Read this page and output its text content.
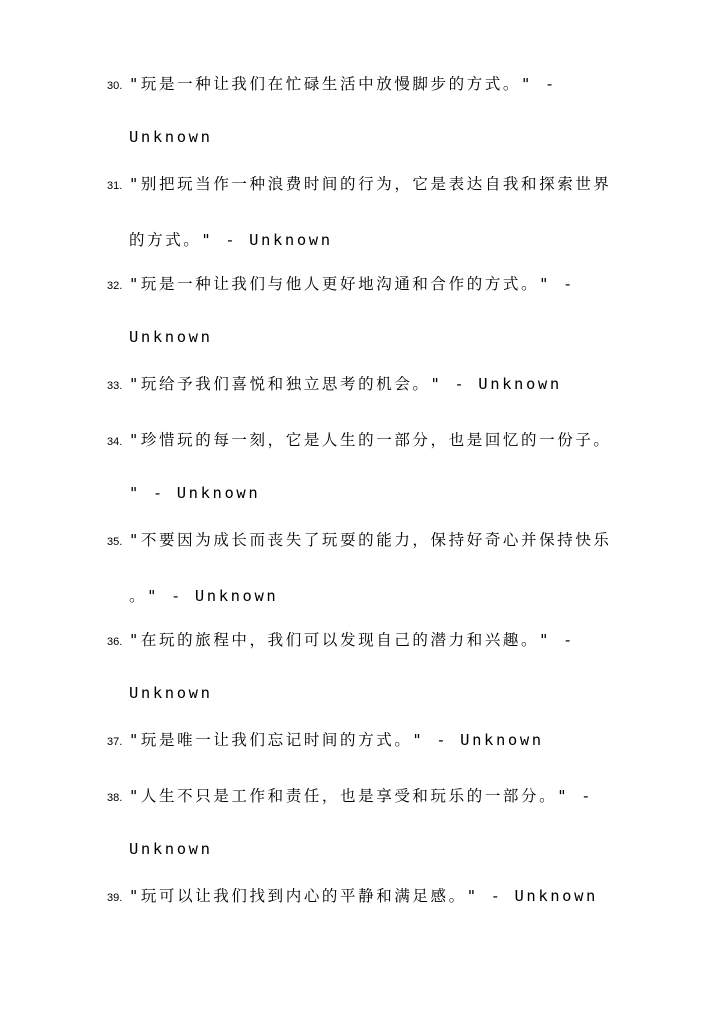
30. "玩是一种让我们在忙碌生活中放慢脚步的方式。" -
Unknown
31. "别把玩当作一种浪费时间的行为，它是表达自我和探索世界
的方式。" - Unknown
32. "玩是一种让我们与他人更好地沟通和合作的方式。" -
Unknown
33. "玩给予我们喜悦和独立思考的机会。" - Unknown
34. "珍惜玩的每一刻，它是人生的一部分，也是回忆的一份子。
" - Unknown
35. "不要因为成长而丧失了玩耍的能力，保持好奇心并保持快乐
。" - Unknown
36. "在玩的旅程中，我们可以发现自己的潜力和兴趣。" -
Unknown
37. "玩是唯一让我们忘记时间的方式。" - Unknown
38. "人生不只是工作和责任，也是享受和玩乐的一部分。" -
Unknown
39. "玩可以让我们找到内心的平静和满足感。" - Unknown
